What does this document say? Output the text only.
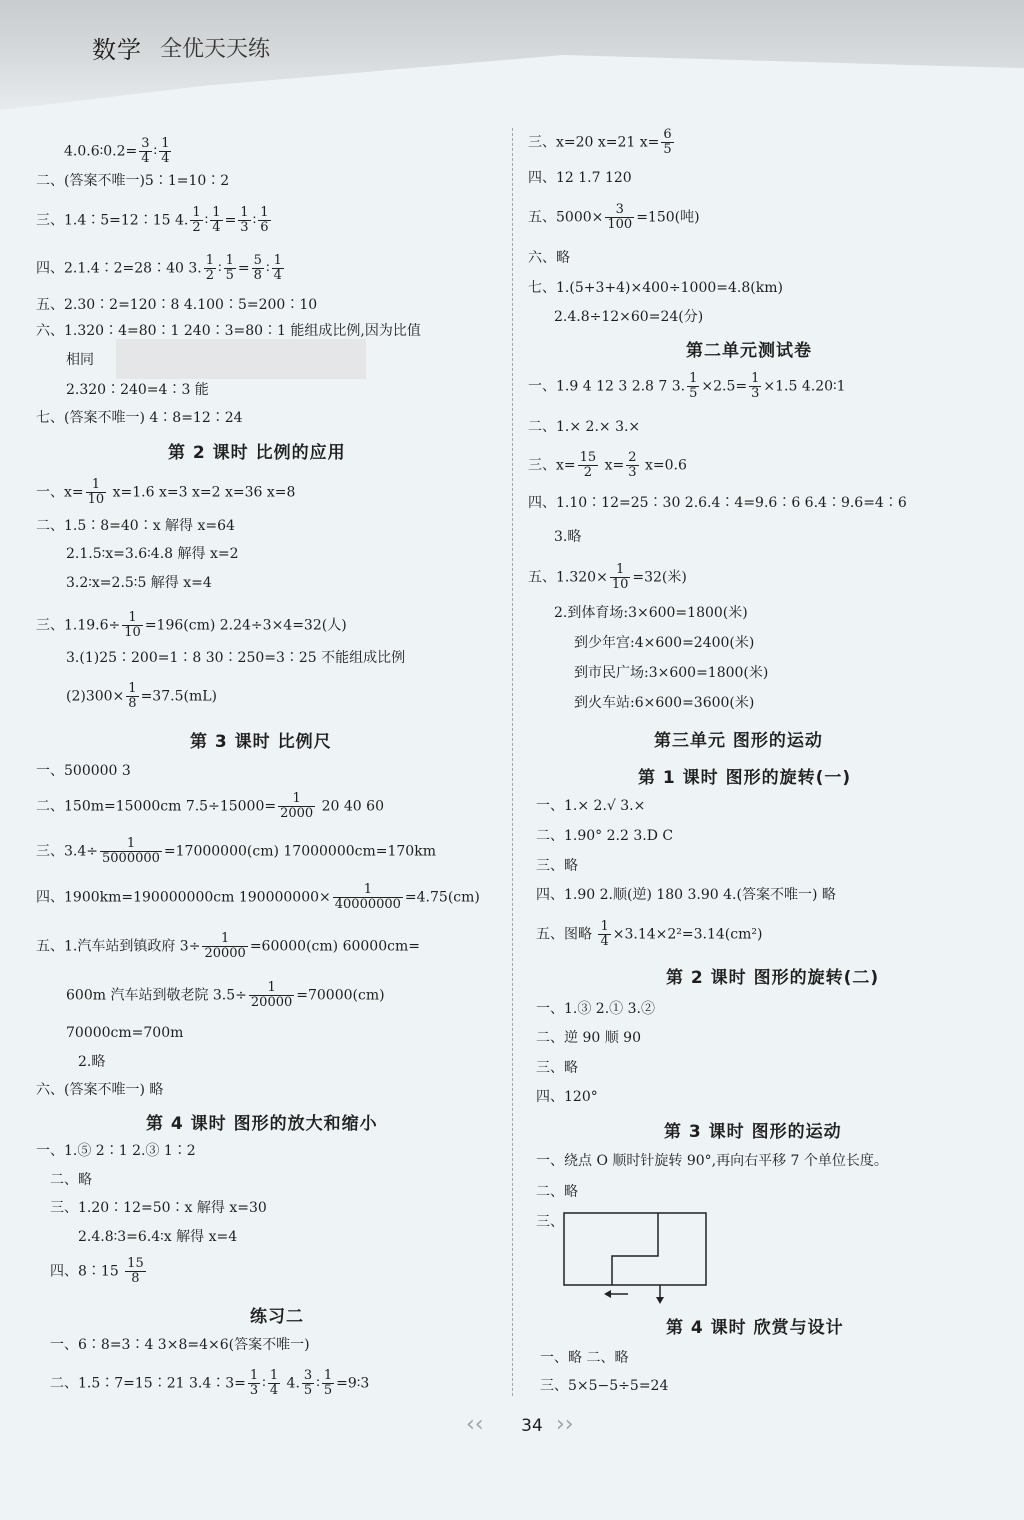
数学 全优天天练
4.0.6∶0.2= $\frac{3}{4}$ ∶ $\frac{1}{4}$
二、(答案不唯一)5∶1=10∶2
三、1.4∶5=12∶15 4. $\frac{1}{2}$ ∶ $\frac{1}{4} = \frac{1}{3}$ ∶ $\frac{1}{6}$
四、2.1.4∶2=28∶40 3. $\frac{1}{2}$ ∶ $\frac{1}{5} = \frac{5}{8}$ ∶ $\frac{1}{4}$
五、2.30∶2=120∶8 4.100∶5=200∶10
六、1.320∶4=80∶1 240∶3=80∶1 能组成比例,因为比值
相同
2.320∶240=4∶3 能
七、(答案不唯一) 4∶8=12∶24
第 2 课时 比例的应用
一、$x= \frac{1}{10} x=1.6$ x=3 x=2 x=36 x=8
二、1.5∶8=40∶x 解得 x=64
2.1.5∶x=3.6∶4.8 解得 x=2
3.2∶x=2.5∶5 解得 x=4
三、$1.19.6\div \frac{1}{10} =196(cm)$ 2.24÷3×4=32(人)
3.(1)25∶200=1∶8 30∶250=3∶25 不能组成比例
$(2)300\times \frac{1}{8} =37.5(mL)$
第 3 课时 比例尺
一、500000 3
二、150m=15000cm $7.5\div 15000= \frac{1}{2000} 20$ 40 60
三、$3.4\div \frac{1}{5000000} =17000000(cm)$ 17000000cm=170km
四、1900km=190000000cm $190000000\times \frac{1}{40000000} =4.75(cm)$
五、1.汽车站到镇政府 $3\div \frac{1}{20000} =60000(cm)$ 60000cm=
600m 汽车站到敬老院 $3.5\div \frac{1}{20000} =70000(cm)$
70000cm=700m
2.略
六、(答案不唯一) 略
第 4 课时 图形的放大和缩小
一、1.⑤ 2∶1 2.③ 1∶2
二、略
三、1.20∶12=50∶x 解得 x=30
2.4.8∶3=6.4∶x 解得 x=4
四、8∶15 $\frac{15}{8}$
练习二
一、6∶8=3∶4 3×8=4×6(答案不唯一)
二、1.5∶7=15∶21 3.4∶3= $\frac{1}{3}$ ∶ $\frac{1}{4} 4$. $\frac{3}{5}$ ∶ $\frac{1}{5}$ =9∶3
三、x=20 x=21 $x= \frac{6}{5}$
四、12 1.7 120
五、$5000\times \frac{3}{100} =150$(吨)
六、略
七、1.(5+3+4)×400÷1000=4.8(km)
2.4.8÷12×60=24(分)
第二单元测试卷
一、1.9 4 12 3 2.8 7 3. $\frac{1}{5} \times 2.5= \frac{1}{3} \times 1.5$ 4.20∶1
二、1.× 2.× 3.×
三、$x= \frac{15}{2} x= \frac{2}{3} x=0.6$
四、1.10∶12=25∶30 2.6.4∶4=9.6∶6 6.4∶9.6=4∶6
3.略
五、$1.320\times \frac{1}{10} =32$(米)
2.到体育场:3×600=1800(米)
到少年宫:4×600=2400(米)
到市民广场:3×600=1800(米)
到火车站:6×600=3600(米)
第三单元 图形的运动
第 1 课时 图形的旋转(一)
一、1.× 2.√ 3.×
二、1.90° 2.2 3.D C
三、略
四、1.90 2.顺(逆) 180 3.90 4.(答案不唯一) 略
五、图略 $\frac{1}{4} \times 3.14\times 2^2=3.14(cm^2)$
第 2 课时 图形的旋转(二)
一、1.③ 2.① 3.②
二、逆 90 顺 90
三、略
四、120°
第 3 课时 图形的运动
一、绕点 O 顺时针旋转 90°,再向右平移 7 个单位长度。
二、略
三、
第 4 课时 欣赏与设计
一、略 二、略
三、5×5−5÷5=24
‹‹	34 ››
